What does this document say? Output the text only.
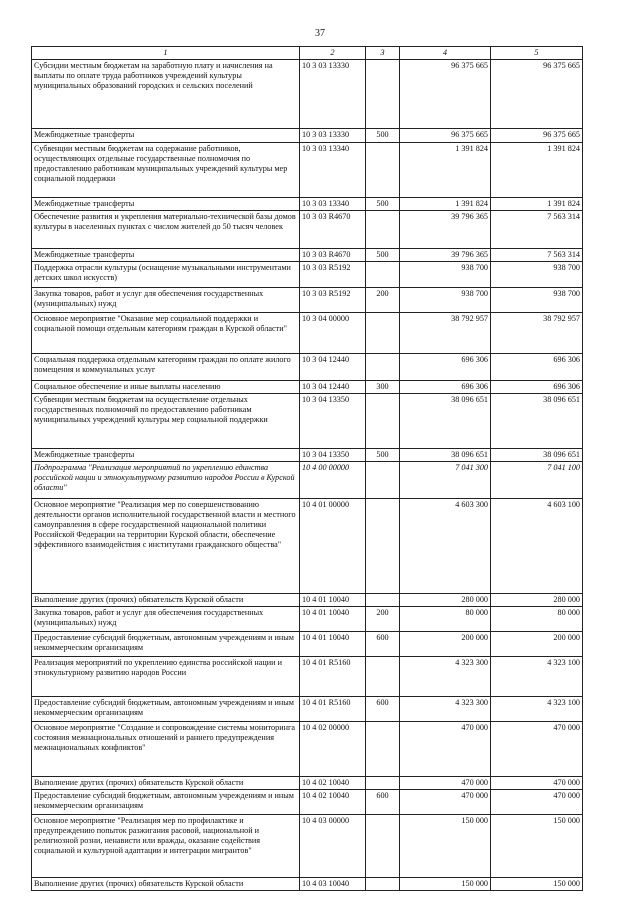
37
1	2	3	4	5
Субсидии местным бюджетам на заработную плату и начисления на выплаты по оплате труда работников учреждений культуры муниципальных образований городских и сельских поселений	10 3 03 13330		96 375 665	96 375 665
Межбюджетные трансферты	10 3 03 13330	500	96 375 665	96 375 665
Субвенции местным бюджетам на содержание работников, осуществляющих отдельные государственные полномочия по предоставлению работникам муниципальных учреждений культуры мер социальной поддержки	10 3 03 13340		1 391 824	1 391 824
Межбюджетные трансферты	10 3 03 13340	500	1 391 824	1 391 824
Обеспечение развития и укрепления материально-технической базы домов культуры в населенных пунктах с числом жителей до 50 тысяч человек	10 3 03 R4670		39 796 365	7 563 314
Межбюджетные трансферты	10 3 03 R4670	500	39 796 365	7 563 314
Поддержка отрасли культуры (оснащение музыкальными инструментами детских школ искусств)	10 3 03 R5192		938 700	938 700
Закупка товаров, работ и услуг для обеспечения государственных (муниципальных) нужд	10 3 03 R5192	200	938 700	938 700
Основное мероприятие "Оказание мер социальной поддержки и социальной помощи отдельным категориям граждан в Курской области"	10 3 04 00000		38 792 957	38 792 957
Социальная поддержка отдельным категориям граждан по оплате жилого помещения и коммунальных услуг	10 3 04 12440		696 306	696 306
Социальное обеспечение и иные выплаты населению	10 3 04 12440	300	696 306	696 306
Субвенции местным бюджетам на осуществление отдельных государственных полномочий по предоставлению работникам муниципальных учреждений культуры мер социальной поддержки	10 3 04 13350		38 096 651	38 096 651
Межбюджетные трансферты	10 3 04 13350	500	38 096 651	38 096 651
Подпрограмма "Реализация мероприятий по укреплению единства российской нации и этнокультурному развитию народов России в Курской области"	10 4 00 00000		7 041 300	7 041 100
Основное мероприятие "Реализация мер по совершенствованию деятельности органов исполнительной государственной власти и местного самоуправления в сфере государственной национальной политики Российской Федерации на территории Курской области, обеспечение эффективного взаимодействия с институтами гражданского общества"	10 4 01 00000		4 603 300	4 603 100
Выполнение других (прочих) обязательств Курской области	10 4 01 10040		280 000	280 000
Закупка товаров, работ и услуг для обеспечения государственных (муниципальных) нужд	10 4 01 10040	200	80 000	80 000
Предоставление субсидий бюджетным, автономным учреждениям и иным некоммерческим организациям	10 4 01 10040	600	200 000	200 000
Реализация мероприятий по укреплению единства российской нации и этнокультурному развитию народов России	10 4 01 R5160		4 323 300	4 323 100
Предоставление субсидий бюджетным, автономным учреждениям и иным некоммерческим организациям	10 4 01 R5160	600	4 323 300	4 323 100
Основное мероприятие "Создание и сопровождение системы мониторинга состояния межнациональных отношений и раннего предупреждения межнациональных конфликтов"	10 4 02 00000		470 000	470 000
Выполнение других (прочих) обязательств Курской области	10 4 02 10040		470 000	470 000
Предоставление субсидий бюджетным, автономным учреждениям и иным некоммерческим организациям	10 4 02 10040	600	470 000	470 000
Основное мероприятие "Реализация мер по профилактике и предупреждению попыток разжигания расовой, национальной и религиозной розни, ненависти или вражды, оказание содействия социальной и культурной адаптации и интеграции мигрантов"	10 4 03 00000		150 000	150 000
Выполнение других (прочих) обязательств Курской области	10 4 03 10040		150 000	150 000
